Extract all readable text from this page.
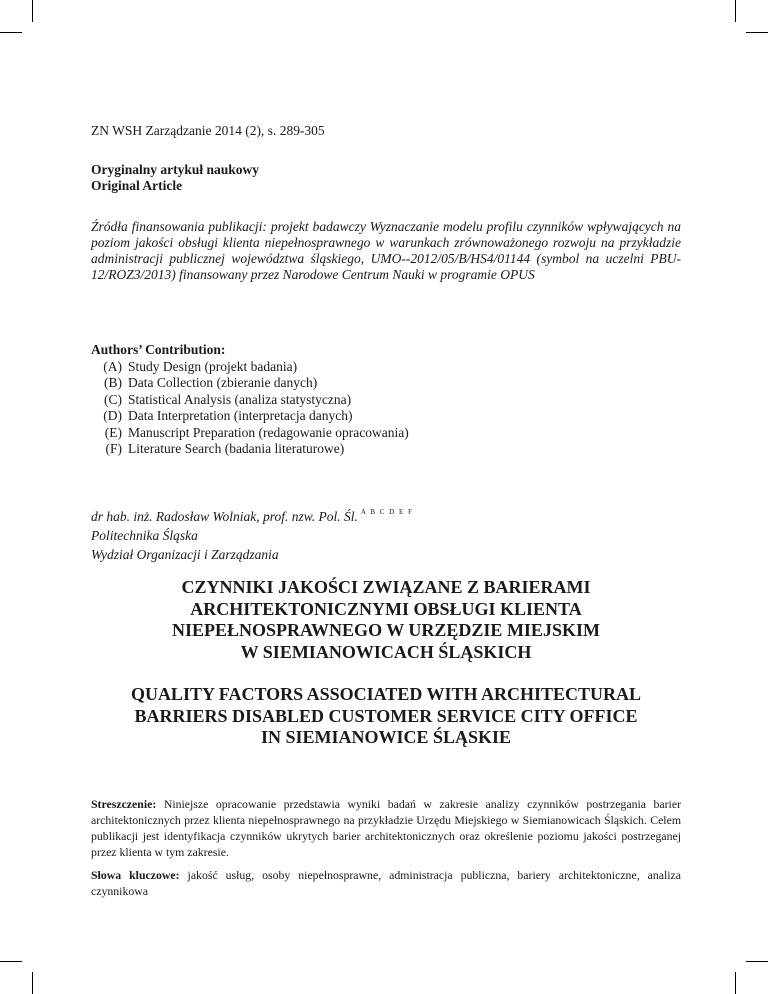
ZN WSH Zarządzanie 2014 (2), s. 289-305
Oryginalny artykuł naukowy
Original Article
Źródła finansowania publikacji: projekt badawczy Wyznaczanie modelu profilu czynników wpływających na poziom jakości obsługi klienta niepełnosprawnego w warunkach zrównoważonego rozwoju na przykładzie administracji publicznej województwa śląskiego, UMO--2012/05/B/HS4/01144 (symbol na uczelni PBU-12/ROZ3/2013) finansowany przez Narodowe Centrum Nauki w programie OPUS
Authors’ Contribution:
(A) Study Design (projekt badania)
(B) Data Collection (zbieranie danych)
(C) Statistical Analysis (analiza statystyczna)
(D) Data Interpretation (interpretacja danych)
(E) Manuscript Preparation (redagowanie opracowania)
(F) Literature Search (badania literaturowe)
dr hab. inż. Radosław Wolniak, prof. nzw. Pol. Śl. $^{A B C D E F}$
Politechnika Śląska
Wydział Organizacji i Zarządzania
CZYNNIKI JAKOŚCI ZWIĄZANE Z BARIERAMI
ARCHITEKTONICZNYMI OBSŁUGI KLIENTA
NIEPEŁNOSPRAWNEGO W URZĘDZIE MIEJSKIM
W SIEMIANOWICACH ŚLĄSKICH
QUALITY FACTORS ASSOCIATED WITH ARCHITECTURAL
BARRIERS DISABLED CUSTOMER SERVICE CITY OFFICE
IN SIEMIANOWICE ŚLĄSKIE
Streszczenie: Niniejsze opracowanie przedstawia wyniki badań w zakresie analizy czynników postrzegania barier architektonicznych przez klienta niepełnosprawnego na przykładzie Urzędu Miejskiego w Siemianowicach Śląskich. Celem publikacji jest identyfikacja czynników ukrytych barier architektonicznych oraz określenie poziomu jakości postrzeganej przez klienta w tym zakresie.
Słowa kluczowe: jakość usług, osoby niepełnosprawne, administracja publiczna, bariery architektoniczne, analiza czynnikowa
